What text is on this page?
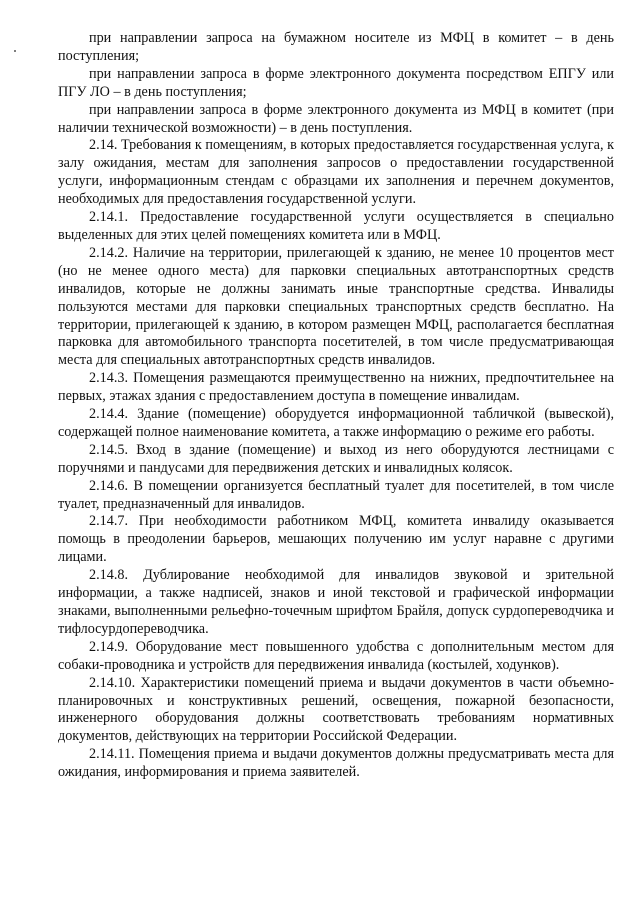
при направлении запроса на бумажном носителе из МФЦ в комитет – в день поступления;

при направлении запроса в форме электронного документа посредством ЕПГУ или ПГУ ЛО – в день поступления;

при направлении запроса в форме электронного документа из МФЦ в комитет (при наличии технической возможности) – в день поступления.

2.14. Требования к помещениям, в которых предоставляется государственная услуга, к залу ожидания, местам для заполнения запросов о предоставлении государственной услуги, информационным стендам с образцами их заполнения и перечнем документов, необходимых для предоставления государственной услуги.

2.14.1. Предоставление государственной услуги осуществляется в специально выделенных для этих целей помещениях комитета или в МФЦ.

2.14.2. Наличие на территории, прилегающей к зданию, не менее 10 процентов мест (но не менее одного места) для парковки специальных автотранспортных средств инвалидов, которые не должны занимать иные транспортные средства. Инвалиды пользуются местами для парковки специальных транспортных средств бесплатно. На территории, прилегающей к зданию, в котором размещен МФЦ, располагается бесплатная парковка для автомобильного транспорта посетителей, в том числе предусматривающая места для специальных автотранспортных средств инвалидов.

2.14.3. Помещения размещаются преимущественно на нижних, предпочтительнее на первых, этажах здания с предоставлением доступа в помещение инвалидам.

2.14.4. Здание (помещение) оборудуется информационной табличкой (вывеской), содержащей полное наименование комитета, а также информацию о режиме его работы.

2.14.5. Вход в здание (помещение) и выход из него оборудуются лестницами с поручнями и пандусами для передвижения детских и инвалидных колясок.

2.14.6. В помещении организуется бесплатный туалет для посетителей, в том числе туалет, предназначенный для инвалидов.

2.14.7. При необходимости работником МФЦ, комитета инвалиду оказывается помощь в преодолении барьеров, мешающих получению им услуг наравне с другими лицами.

2.14.8. Дублирование необходимой для инвалидов звуковой и зрительной информации, а также надписей, знаков и иной текстовой и графической информации знаками, выполненными рельефно-точечным шрифтом Брайля, допуск сурдопереводчика и тифлосурдопереводчика.

2.14.9. Оборудование мест повышенного удобства с дополнительным местом для собаки-проводника и устройств для передвижения инвалида (костылей, ходунков).

2.14.10. Характеристики помещений приема и выдачи документов в части объемно-планировочных и конструктивных решений, освещения, пожарной безопасности, инженерного оборудования должны соответствовать требованиям нормативных документов, действующих на территории Российской Федерации.

2.14.11. Помещения приема и выдачи документов должны предусматривать места для ожидания, информирования и приема заявителей.
